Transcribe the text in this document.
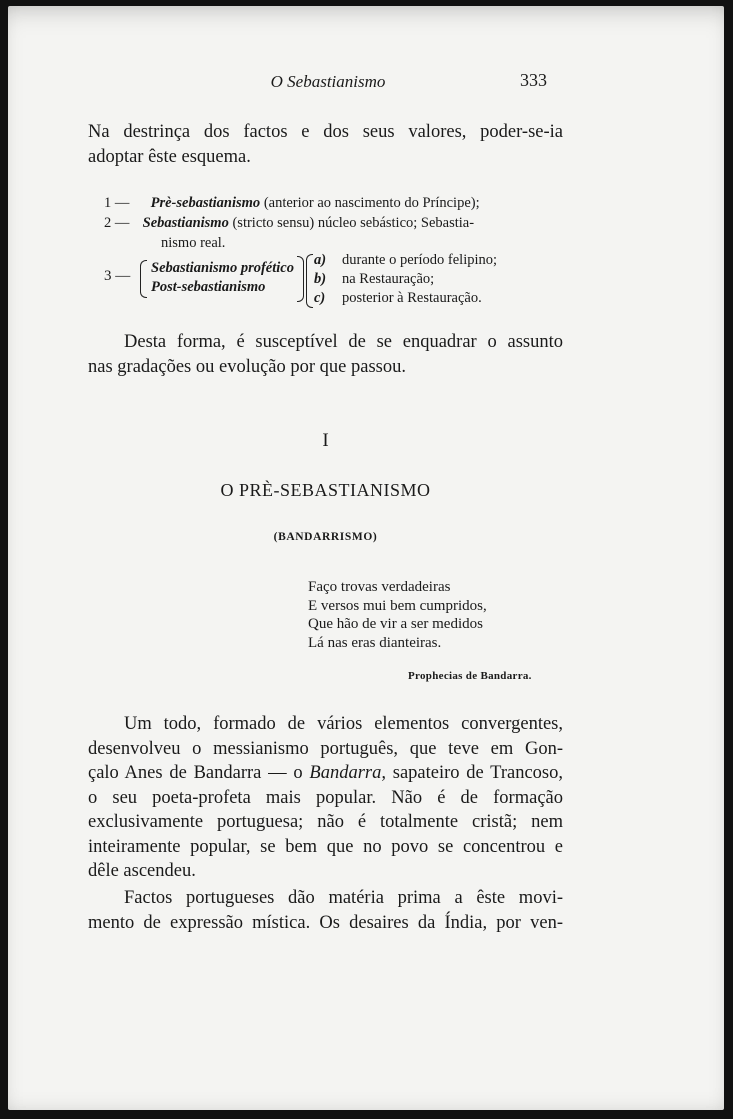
O Sebastianismo	333
Na destrinça dos factos e dos seus valores, poder-se-ia
adoptar êste esquema.
1 — Prè-sebastianismo (anterior ao nascimento do Príncipe);
2 — Sebastianismo (stricto sensu) núcleo sebástico; Sebastia-
nismo real.
3 — Sebastianismo profético
Post-sebastianismo
a) durante o período felipino;
b) na Restauração;
c) posterior à Restauração.
Desta forma, é susceptível de se enquadrar o assunto
nas gradações ou evolução por que passou.
I
O PRÈ-SEBASTIANISMO
(BANDARRISMO)
Faço trovas verdadeiras
E versos mui bem cumpridos,
Que hão de vir a ser medidos
Lá nas eras dianteiras.
Prophecias de Bandarra.
Um todo, formado de vários elementos convergentes,
desenvolveu o messianismo português, que teve em Gon-
çalo Anes de Bandarra — o Bandarra, sapateiro de Trancoso,
o seu poeta-profeta mais popular. Não é de formação
exclusivamente portuguesa; não é totalmente cristã; nem
inteiramente popular, se bem que no povo se concentrou e
dêle ascendeu.
Factos portugueses dão matéria prima a êste movi-
mento de expressão mística. Os desaires da Índia, por ven-
